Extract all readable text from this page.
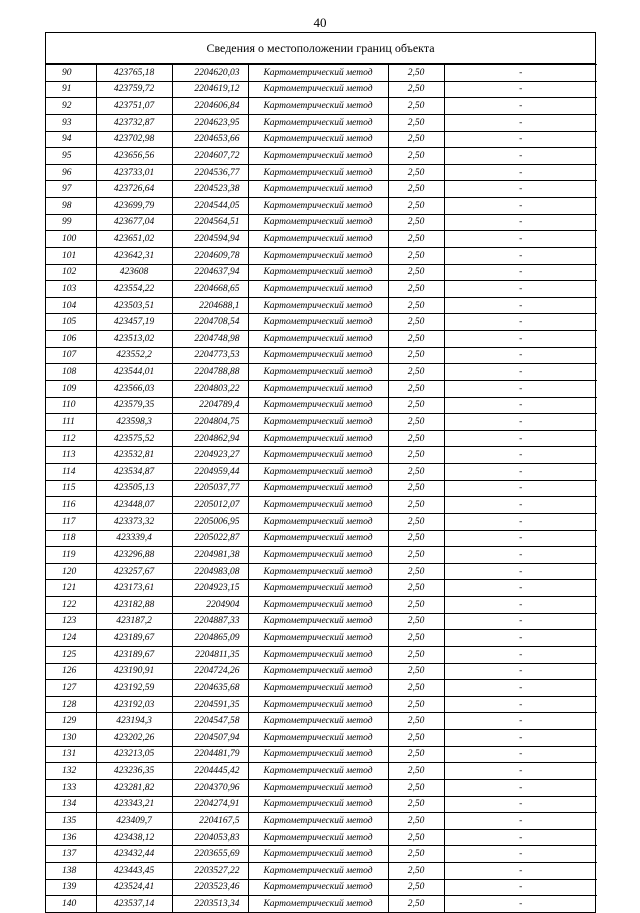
40
Сведения о местоположении границ объекта
90	423765,18	2204620,03	Картометрический метод	2,50	-
91	423759,72	2204619,12	Картометрический метод	2,50	-
92	423751,07	2204606,84	Картометрический метод	2,50	-
93	423732,87	2204623,95	Картометрический метод	2,50	-
94	423702,98	2204653,66	Картометрический метод	2,50	-
95	423656,56	2204607,72	Картометрический метод	2,50	-
96	423733,01	2204536,77	Картометрический метод	2,50	-
97	423726,64	2204523,38	Картометрический метод	2,50	-
98	423699,79	2204544,05	Картометрический метод	2,50	-
99	423677,04	2204564,51	Картометрический метод	2,50	-
100	423651,02	2204594,94	Картометрический метод	2,50	-
101	423642,31	2204609,78	Картометрический метод	2,50	-
102	423608	2204637,94	Картометрический метод	2,50	-
103	423554,22	2204668,65	Картометрический метод	2,50	-
104	423503,51	2204688,1	Картометрический метод	2,50	-
105	423457,19	2204708,54	Картометрический метод	2,50	-
106	423513,02	2204748,98	Картометрический метод	2,50	-
107	423552,2	2204773,53	Картометрический метод	2,50	-
108	423544,01	2204788,88	Картометрический метод	2,50	-
109	423566,03	2204803,22	Картометрический метод	2,50	-
110	423579,35	2204789,4	Картометрический метод	2,50	-
111	423598,3	2204804,75	Картометрический метод	2,50	-
112	423575,52	2204862,94	Картометрический метод	2,50	-
113	423532,81	2204923,27	Картометрический метод	2,50	-
114	423534,87	2204959,44	Картометрический метод	2,50	-
115	423505,13	2205037,77	Картометрический метод	2,50	-
116	423448,07	2205012,07	Картометрический метод	2,50	-
117	423373,32	2205006,95	Картометрический метод	2,50	-
118	423339,4	2205022,87	Картометрический метод	2,50	-
119	423296,88	2204981,38	Картометрический метод	2,50	-
120	423257,67	2204983,08	Картометрический метод	2,50	-
121	423173,61	2204923,15	Картометрический метод	2,50	-
122	423182,88	2204904	Картометрический метод	2,50	-
123	423187,2	2204887,33	Картометрический метод	2,50	-
124	423189,67	2204865,09	Картометрический метод	2,50	-
125	423189,67	2204811,35	Картометрический метод	2,50	-
126	423190,91	2204724,26	Картометрический метод	2,50	-
127	423192,59	2204635,68	Картометрический метод	2,50	-
128	423192,03	2204591,35	Картометрический метод	2,50	-
129	423194,3	2204547,58	Картометрический метод	2,50	-
130	423202,26	2204507,94	Картометрический метод	2,50	-
131	423213,05	2204481,79	Картометрический метод	2,50	-
132	423236,35	2204445,42	Картометрический метод	2,50	-
133	423281,82	2204370,96	Картометрический метод	2,50	-
134	423343,21	2204274,91	Картометрический метод	2,50	-
135	423409,7	2204167,5	Картометрический метод	2,50	-
136	423438,12	2204053,83	Картометрический метод	2,50	-
137	423432,44	2203655,69	Картометрический метод	2,50	-
138	423443,45	2203527,22	Картометрический метод	2,50	-
139	423524,41	2203523,46	Картометрический метод	2,50	-
140	423537,14	2203513,34	Картометрический метод	2,50	-
